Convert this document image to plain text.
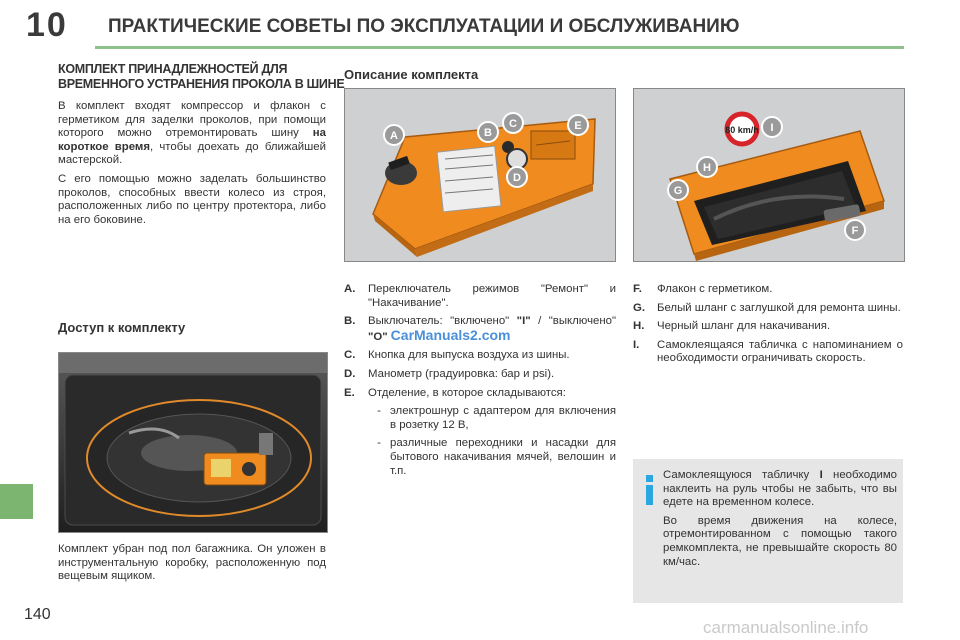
10 ПРАКТИЧЕСКИЕ СОВЕТЫ ПО ЭКСПЛУАТАЦИИ И ОБСЛУЖИВАНИЮ
КОМПЛЕКТ ПРИНАДЛЕЖНОСТЕЙ ДЛЯ
ВРЕМЕННОГО УСТРАНЕНИЯ ПРОКОЛА В ШИНЕ

В комплект входят компрессор и флакон с герметиком для заделки проколов, при помощи которого можно отремонтировать шину на короткое время, чтобы доехать до ближайшей мастерской.

С его помощью можно заделать большинство проколов, способных ввести колесо из строя, расположенных либо по центру протектора, либо на его боковине.

Доступ к комплекту
Комплект убран под пол багажника. Он уложен в инструментальную коробку, расположенную под вещевым ящиком.
Описание комплекта
A	B
C
D
E
A.	Переключатель режимов "Ремонт" и "Накачивание".
B.	Выключатель: "включено" "I" / "выключено" "O" CarManuals2.com
C.	Кнопка для выпуска воздуха из шины.
D.	Манометр (градуировка: бар и psi).
E.	Отделение, в которое складываются:
- электрошнур с адаптером для включения в розетку 12 В,
- различные переходники и насадки для бытового накачивания мячей, велошин и т.п.
80 km/h I
H
G
F
F.	Флакон с герметиком.
G.	Белый шланг с заглушкой для ремонта шины.
H.	Черный шланг для накачивания.
I.	Самоклеящаяся табличка с напоминанием о необходимости ограничивать скорость.

Самоклеящуюся табличку I необходимо наклеить на руль чтобы не забыть, что вы едете на временном колесе.

Во время движения на колесе, отремонтированном с помощью такого ремкомплекта, не превышайте скорость 80 км/час.

140
carmanualsonline.info
